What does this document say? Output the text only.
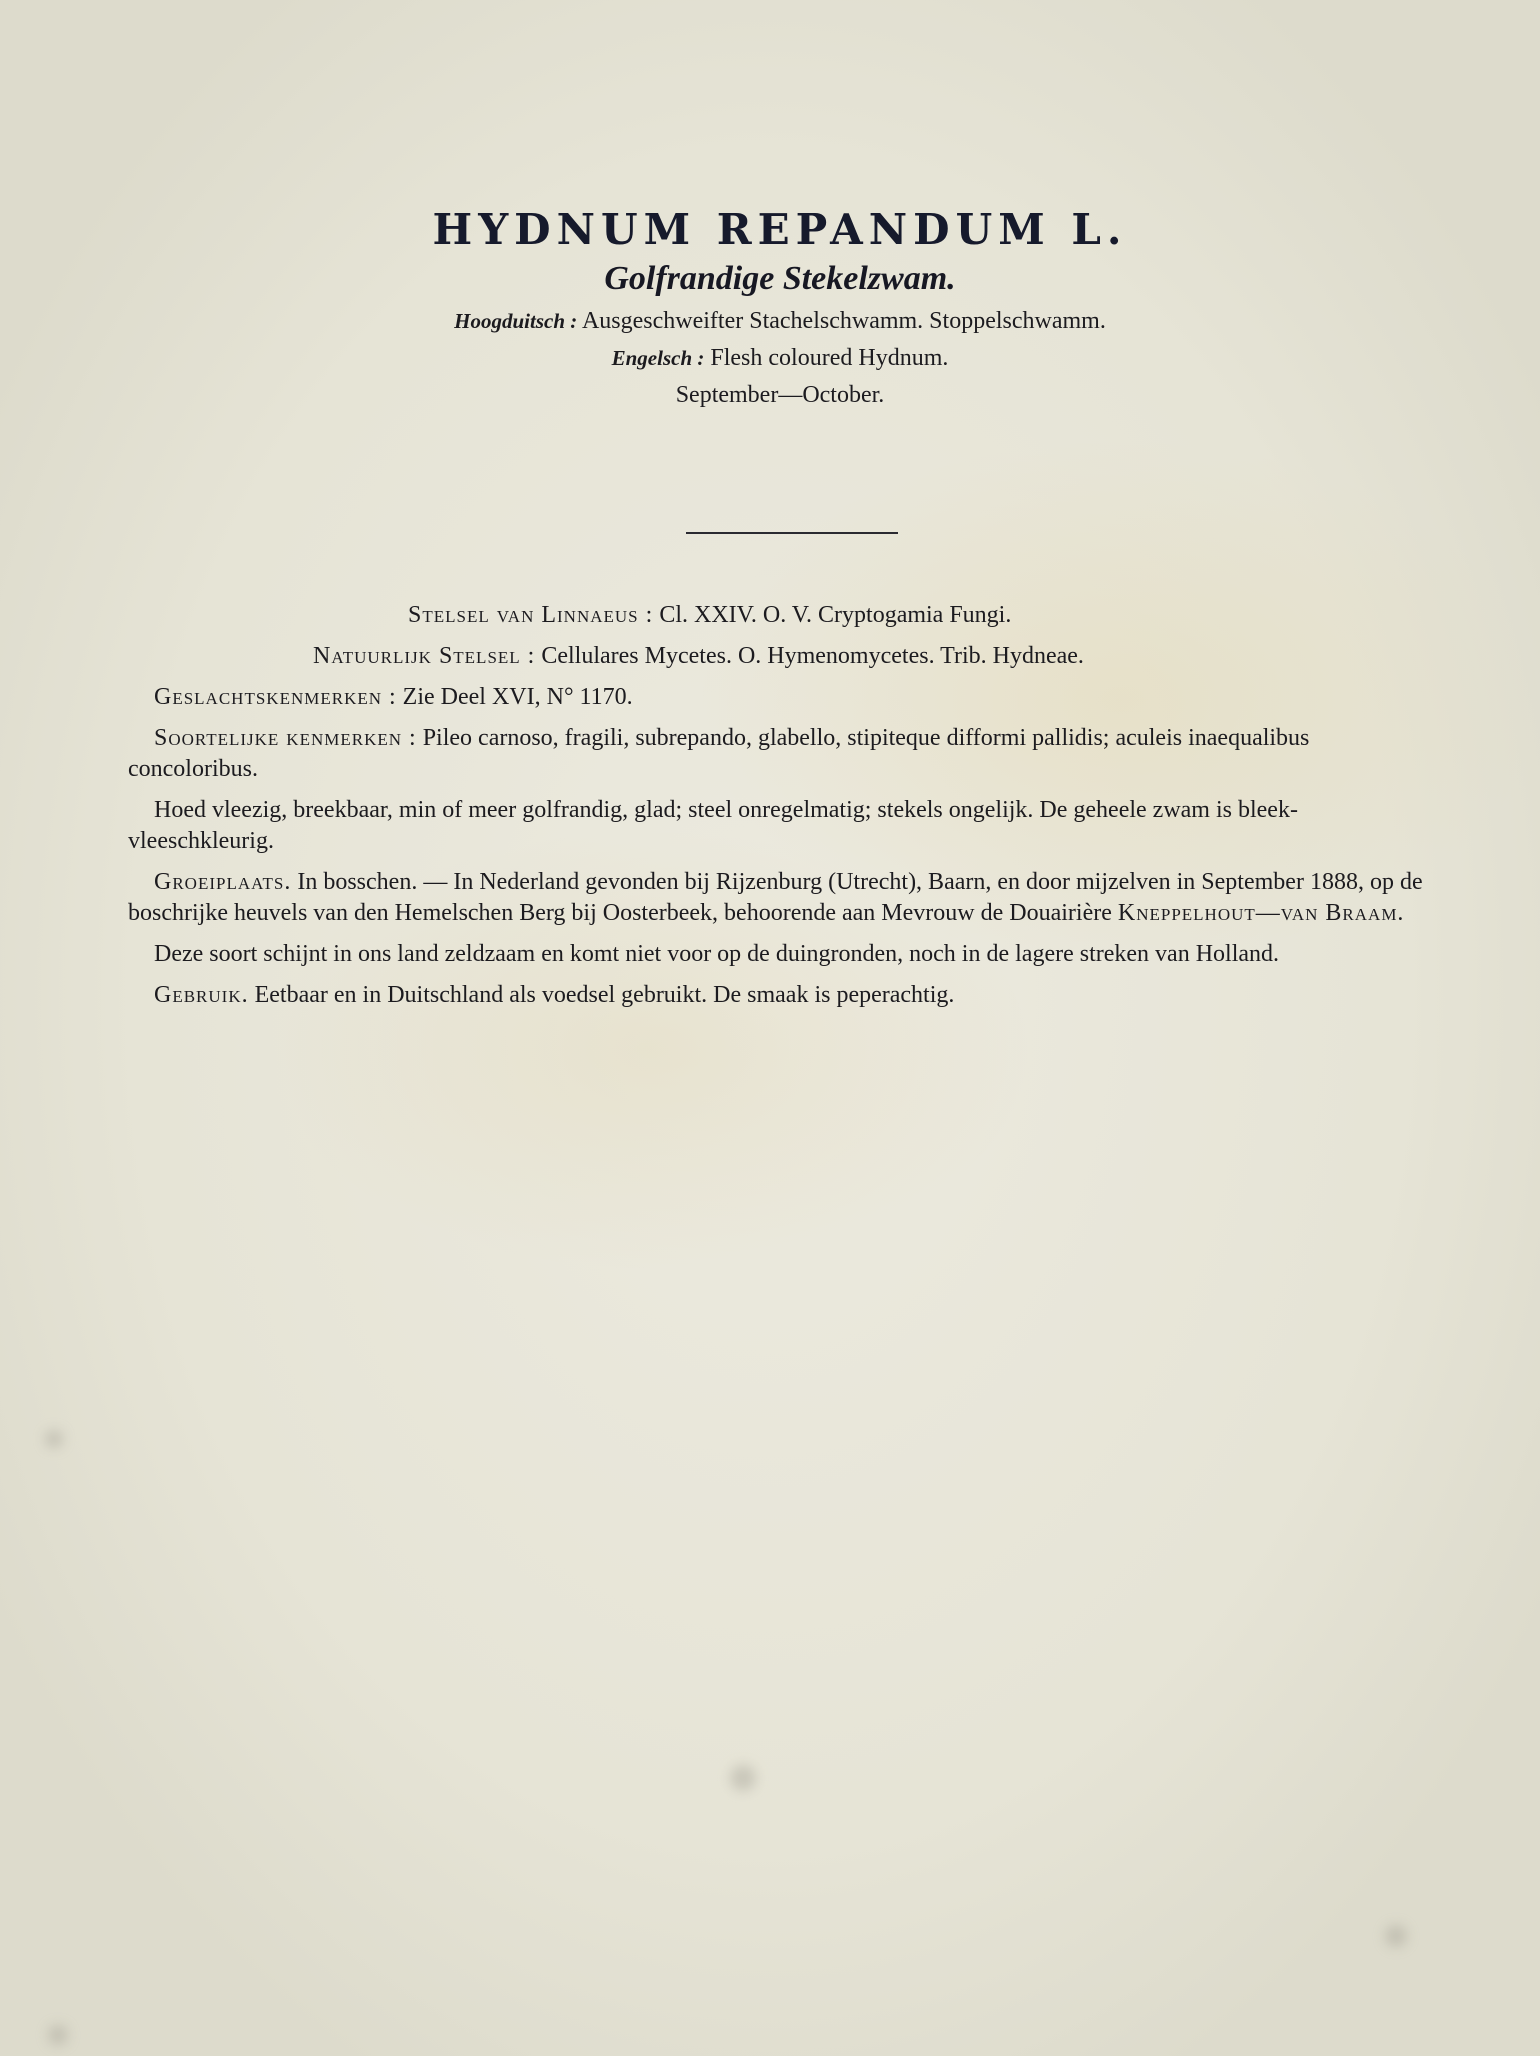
HYDNUM REPANDUM L.
Golfrandige Stekelzwam.
Hoogduitsch : Ausgeschweifter Stachelschwamm. Stoppelschwamm.
Engelsch : Flesh coloured Hydnum.
September—October.

Stelsel van Linnaeus : Cl. XXIV. O. V. Cryptogamia Fungi.

Natuurlijk Stelsel : Cellulares Mycetes. O. Hymenomycetes. Trib. Hydneae.

Geslachtskenmerken : Zie Deel XVI, N° 1170.

Soortelijke kenmerken : Pileo carnoso, fragili, subrepando, glabello, stipiteque difformi pallidis; aculeis inaequalibus concoloribus.

Hoed vleezig, breekbaar, min of meer golfrandig, glad; steel onregelmatig; stekels ongelijk. De geheele zwam is bleek-vleeschkleurig.

Groeiplaats. In bosschen. — In Nederland gevonden bij Rijzenburg (Utrecht), Baarn, en door mijzelven in September 1888, op de boschrijke heuvels van den Hemelschen Berg bij Oosterbeek, behoorende aan Mevrouw de Douairière Kneppelhout—van Braam.

Deze soort schijnt in ons land zeldzaam en komt niet voor op de duingronden, noch in de lagere streken van Holland.

Gebruik. Eetbaar en in Duitschland als voedsel gebruikt. De smaak is peperachtig.
